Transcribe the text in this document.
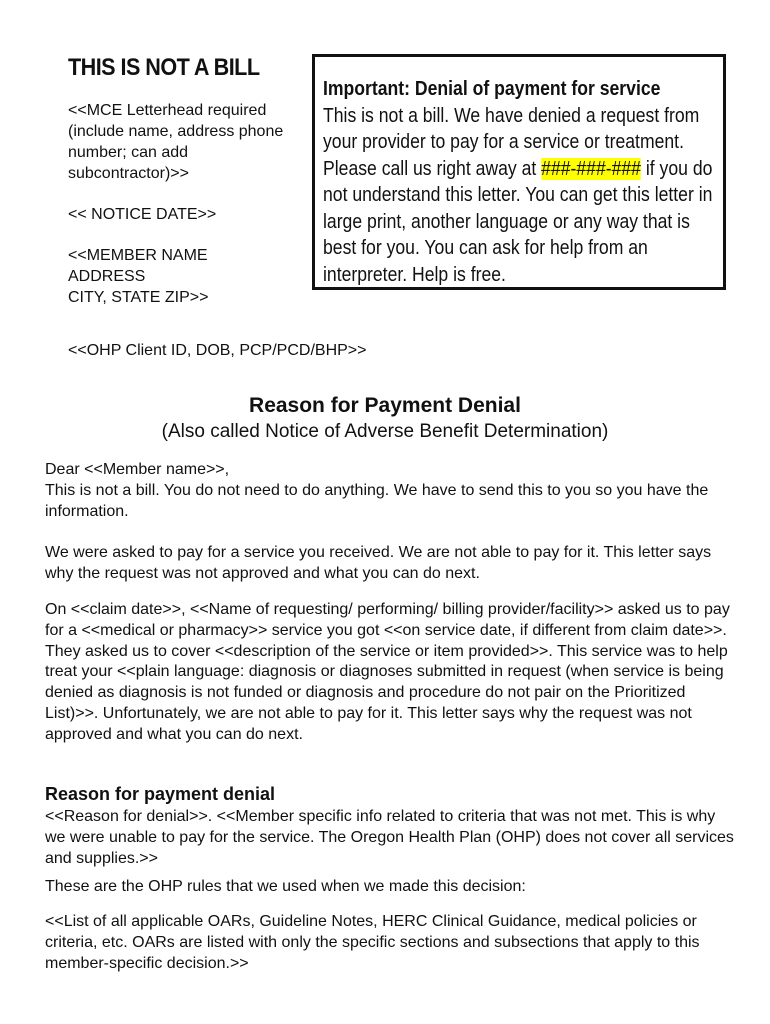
THIS IS NOT A BILL

<<MCE Letterhead required (include name, address phone number; can add subcontractor)>>

<< NOTICE DATE>>

<<MEMBER NAME
ADDRESS
CITY, STATE ZIP>>

Important: Denial of payment for service
This is not a bill. We have denied a request from your provider to pay for a service or treatment. Please call us right away at ###-###-### if you do not understand this letter. You can get this letter in large print, another language or any way that is best for you. You can ask for help from an interpreter. Help is free.
<<OHP Client ID, DOB, PCP/PCD/BHP>>
Reason for Payment Denial
(Also called Notice of Adverse Benefit Determination)

Dear <<Member name>>,

This is not a bill. You do not need to do anything. We have to send this to you so you have the information.

We were asked to pay for a service you received. We are not able to pay for it. This letter says why the request was not approved and what you can do next.
On <<claim date>>, <<Name of requesting/ performing/ billing provider/facility>> asked us to pay for a <<medical or pharmacy>> service you got <<on service date, if different from claim date>>. They asked us to cover <<description of the service or item provided>>. This service was to help treat your <<plain language: diagnosis or diagnoses submitted in request (when service is being denied as diagnosis is not funded or diagnosis and procedure do not pair on the Prioritized List)>>. Unfortunately, we are not able to pay for it. This letter says why the request was not approved and what you can do next.
Reason for payment denial
<<Reason for denial>>. <<Member specific info related to criteria that was not met. This is why we were unable to pay for the service. The Oregon Health Plan (OHP) does not cover all services and supplies.>>
These are the OHP rules that we used when we made this decision:
<<List of all applicable OARs, Guideline Notes, HERC Clinical Guidance, medical policies or criteria, etc. OARs are listed with only the specific sections and subsections that apply to this member-specific decision.>>
